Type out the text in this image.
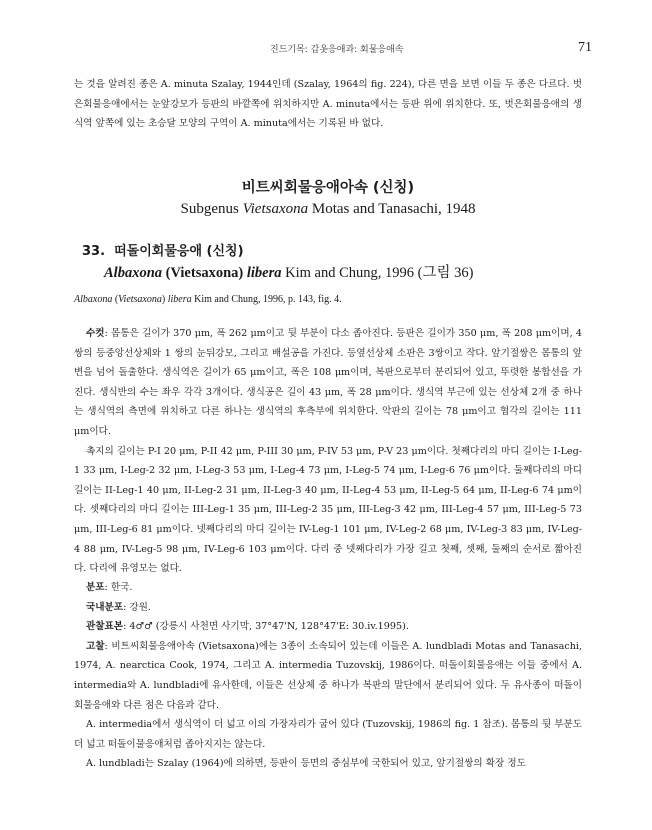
진드기목: 갑옷응애과: 회물응애속	71

는 것을 알려진 종은 A. minuta Szalay, 1944인데 (Szalay, 1964의 fig. 224), 다른 면을 보면 이들 두 종은 다르다. 벗은회물응애에서는 눈앞강모가 등판의 바깥쪽에 위치하지만 A. minuta에서는 등판 위에 위치한다. 또, 벗은회물응애의 생식역 앞쪽에 있는 초승달 모양의 구역이 A. minuta에서는 기록된 바 없다.

비트씨회물응애아속 (신칭)
Subgenus Vietsaxona Motas and Tanasachi, 1948
33. 떠돌이회물응애 (신칭)
Albaxona (Vietsaxona) libera Kim and Chung, 1996 (그림 36)
Albaxona (Vietsaxona) libera Kim and Chung, 1996, p. 143, fig. 4.

수컷: 몸통은 길이가 370 μm, 폭 262 μm이고 뒷 부분이 다소 좁아진다. 등판은 길이가 350 μm, 폭 208 μm이며, 4쌍의 등중앙선상체와 1 쌍의 눈뒤강모, 그리고 배설공을 가진다. 등옆선상체 소판은 3쌍이고 작다. 앞기절쌍은 몸통의 앞변을 넘어 돌출한다. 생식역은 길이가 65 μm이고, 폭은 108 μm이며, 복판으로부터 분리되어 있고, 뚜렷한 봉합선을 가진다. 생식반의 수는 좌우 각각 3개이다. 생식공은 길이 43 μm, 폭 28 μm이다. 생식역 부근에 있는 선상체 2개 중 하나는 생식역의 측면에 위치하고 다른 하나는 생식역의 후측부에 위치한다. 악판의 길이는 78 μm이고 협각의 길이는 111 μm이다.

촉지의 길이는 P-I 20 μm, P-II 42 μm, P-III 30 μm, P-IV 53 μm, P-V 23 μm이다. 첫째다리의 마디 길이는 I-Leg-1 33 μm, I-Leg-2 32 μm, I-Leg-3 53 μm, I-Leg-4 73 μm, I-Leg-5 74 μm, I-Leg-6 76 μm이다. 둘째다리의 마디 길이는 II-Leg-1 40 μm, II-Leg-2 31 μm, II-Leg-3 40 μm, II-Leg-4 53 μm, II-Leg-5 64 μm, II-Leg-6 74 μm이다. 셋째다리의 마디 길이는 III-Leg-1 35 μm, III-Leg-2 35 μm, III-Leg-3 42 μm, III-Leg-4 57 μm, III-Leg-5 73 μm, III-Leg-6 81 μm이다. 넷째다리의 마디 길이는 IV-Leg-1 101 μm, IV-Leg-2 68 μm, IV-Leg-3 83 μm, IV-Leg-4 88 μm, IV-Leg-5 98 μm, IV-Leg-6 103 μm이다. 다리 중 넷째다리가 가장 길고 첫째, 셋째, 둘째의 순서로 짧아진다. 다리에 유영모는 없다.

분포: 한국.

국내분포: 강원.

관찰표본: 4♂♂ (강릉시 사천면 사기막, 37°47'N, 128°47'E: 30.iv.1995).

고찰: 비트씨회물응애아속 (Vietsaxona)에는 3종이 소속되어 있는데 이들은 A. lundbladi Motas and Tanasachi, 1974, A. nearctica Cook, 1974, 그리고 A. intermedia Tuzovskij, 1986이다. 떠돌이회물응애는 이들 중에서 A. intermedia와 A. lundbladi에 유사한데, 이들은 선상체 중 하나가 복판의 말단에서 분리되어 있다. 두 유사종이 떠돌이회물응애와 다른 점은 다음과 같다.

A. intermedia에서 생식역이 더 넓고 이의 가장자리가 굽어 있다 (Tuzovskij, 1986의 fig. 1 참조). 몸통의 뒷 부분도 더 넓고 떠돌이물응애처럼 좁아지지는 않는다.

A. lundbladi는 Szalay (1964)에 의하면, 등판이 등면의 중심부에 국한되어 있고, 앞기절쌍의 확장 정도
